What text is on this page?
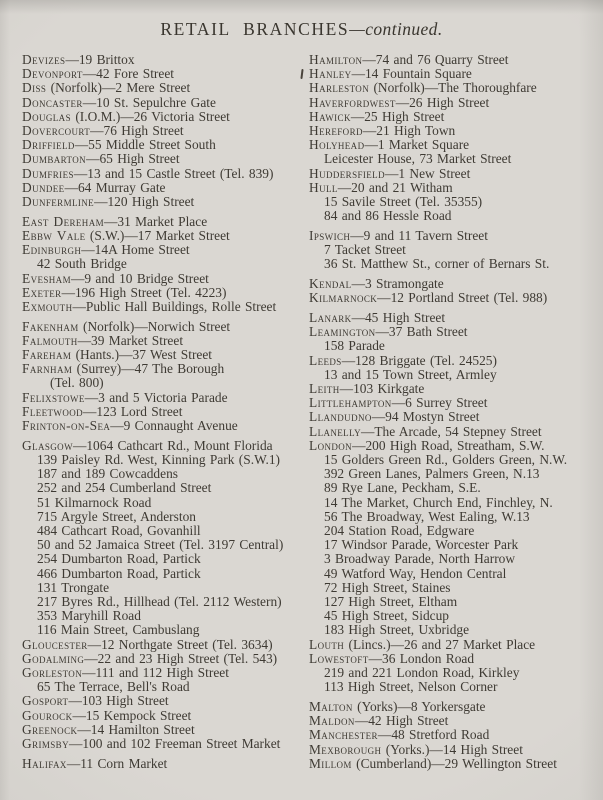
RETAIL BRANCHES—continued.
Devizes—19 Brittox
Devonport—42 Fore Street
Diss (Norfolk)—2 Mere Street
Doncaster—10 St. Sepulchre Gate
Douglas (I.O.M.)—26 Victoria Street
Dovercourt—76 High Street
Driffield—55 Middle Street South
Dumbarton—65 High Street
Dumfries—13 and 15 Castle Street (Tel. 839)
Dundee—64 Murray Gate
Dunfermline—120 High Street
East Dereham—31 Market Place
Ebbw Vale (S.W.)—17 Market Street
Edinburgh—14A Home Street
42 South Bridge
Evesham—9 and 10 Bridge Street
Exeter—196 High Street (Tel. 4223)
Exmouth—Public Hall Buildings, Rolle Street
Fakenham (Norfolk)—Norwich Street
Falmouth—39 Market Street
Fareham (Hants.)—37 West Street
Farnham (Surrey)—47 The Borough
(Tel. 800)
Felixstowe—3 and 5 Victoria Parade
Fleetwood—123 Lord Street
Frinton-on-Sea—9 Connaught Avenue
Glasgow—1064 Cathcart Rd., Mount Florida
139 Paisley Rd. West, Kinning Park (S.W.1)
187 and 189 Cowcaddens
252 and 254 Cumberland Street
51 Kilmarnock Road
715 Argyle Street, Anderston
484 Cathcart Road, Govanhill
50 and 52 Jamaica Street (Tel. 3197 Central)
254 Dumbarton Road, Partick
466 Dumbarton Road, Partick
131 Trongate
217 Byres Rd., Hillhead (Tel. 2112 Western)
353 Maryhill Road
116 Main Street, Cambuslang
Gloucester—12 Northgate Street (Tel. 3634)
Godalming—22 and 23 High Street (Tel. 543)
Gorleston—111 and 112 High Street
65 The Terrace, Bell's Road
Gosport—103 High Street
Gourock—15 Kempock Street
Greenock—14 Hamilton Street
Grimsby—100 and 102 Freeman Street Market
Halifax—11 Corn Market
Hamilton—74 and 76 Quarry Street
Hanley—14 Fountain Square
Harleston (Norfolk)—The Thoroughfare
Haverfordwest—26 High Street
Hawick—25 High Street
Hereford—21 High Town
Holyhead—1 Market Square
Leicester House, 73 Market Street
Huddersfield—1 New Street
Hull—20 and 21 Witham
15 Savile Street (Tel. 35355)
84 and 86 Hessle Road
Ipswich—9 and 11 Tavern Street
7 Tacket Street
36 St. Matthew St., corner of Bernars St.
Kendal—3 Stramongate
Kilmarnock—12 Portland Street (Tel. 988)
Lanark—45 High Street
Leamington—37 Bath Street
158 Parade
Leeds—128 Briggate (Tel. 24525)
13 and 15 Town Street, Armley
Leith—103 Kirkgate
Littlehampton—6 Surrey Street
Llandudno—94 Mostyn Street
Llanelly—The Arcade, 54 Stepney Street
London—200 High Road, Streatham, S.W.
15 Golders Green Rd., Golders Green, N.W.
392 Green Lanes, Palmers Green, N.13
89 Rye Lane, Peckham, S.E.
14 The Market, Church End, Finchley, N.
56 The Broadway, West Ealing, W.13
204 Station Road, Edgware
17 Windsor Parade, Worcester Park
3 Broadway Parade, North Harrow
49 Watford Way, Hendon Central
72 High Street, Staines
127 High Street, Eltham
45 High Street, Sidcup
183 High Street, Uxbridge
Louth (Lincs.)—26 and 27 Market Place
Lowestoft—36 London Road
219 and 221 London Road, Kirkley
113 High Street, Nelson Corner
Malton (Yorks)—8 Yorkersgate
Maldon—42 High Street
Manchester—48 Stretford Road
Mexborough (Yorks.)—14 High Street
Millom (Cumberland)—29 Wellington Street
